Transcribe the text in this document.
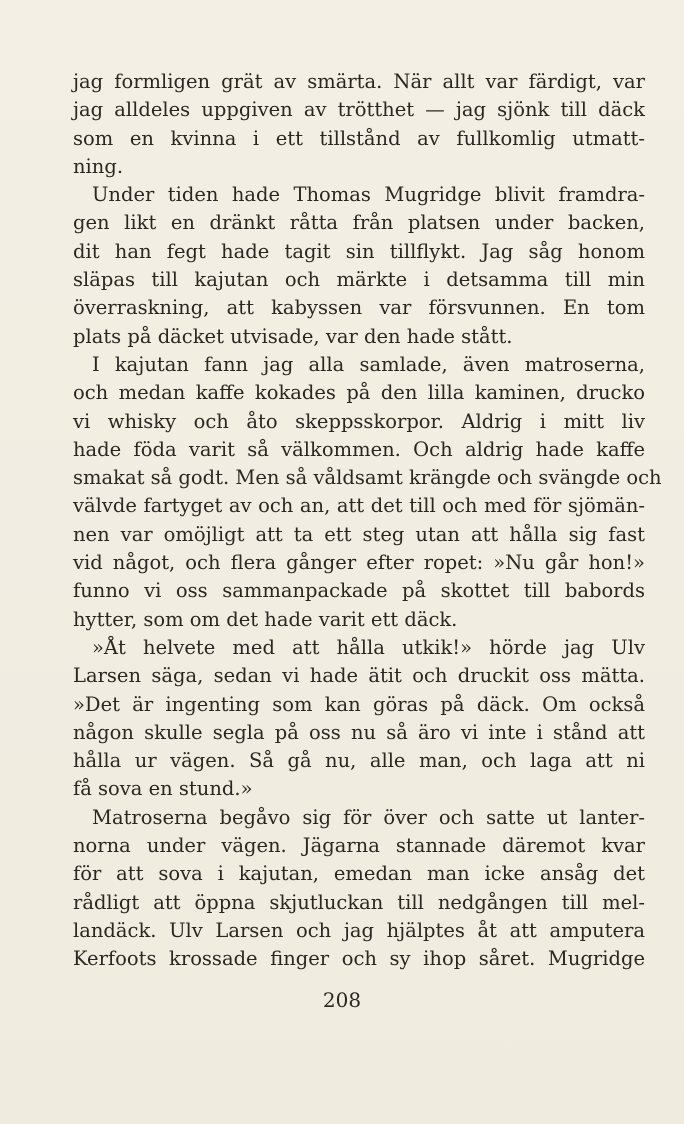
jag formligen grät av smärta. När allt var färdigt, var
jag alldeles uppgiven av trötthet — jag sjönk till däck
som en kvinna i ett tillstånd av fullkomlig utmatt-
ning.
Under tiden hade Thomas Mugridge blivit framdra-
gen likt en dränkt råtta från platsen under backen,
dit han fegt hade tagit sin tillflykt. Jag såg honom
släpas till kajutan och märkte i detsamma till min
överraskning, att kabyssen var försvunnen. En tom
plats på däcket utvisade, var den hade stått.
I kajutan fann jag alla samlade, även matroserna,
och medan kaffe kokades på den lilla kaminen, drucko
vi whisky och åto skeppsskorpor. Aldrig i mitt liv
hade föda varit så välkommen. Och aldrig hade kaffe
smakat så godt. Men så våldsamt krängde och svängde och
välvde fartyget av och an, att det till och med för sjömän-
nen var omöjligt att ta ett steg utan att hålla sig fast
vid något, och flera gånger efter ropet: »Nu går hon!»
funno vi oss sammanpackade på skottet till babords
hytter, som om det hade varit ett däck.
»Åt helvete med att hålla utkik!» hörde jag Ulv
Larsen säga, sedan vi hade ätit och druckit oss mätta.
»Det är ingenting som kan göras på däck. Om också
någon skulle segla på oss nu så äro vi inte i stånd att
hålla ur vägen. Så gå nu, alle man, och laga att ni
få sova en stund.»
Matroserna begåvo sig för över och satte ut lanter-
norna under vägen. Jägarna stannade däremot kvar
för att sova i kajutan, emedan man icke ansåg det
rådligt att öppna skjutluckan till nedgången till mel-
landäck. Ulv Larsen och jag hjälptes åt att amputera
Kerfoots krossade finger och sy ihop såret. Mugridge
208
